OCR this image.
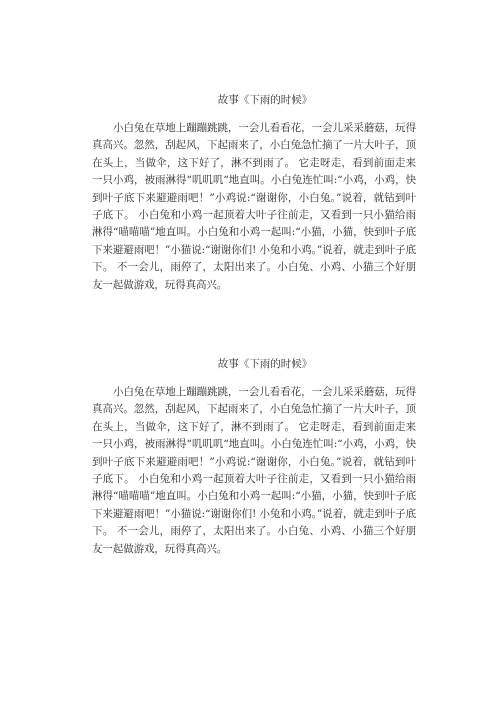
故事《下雨的时候》

小白兔在草地上蹦蹦跳跳，一会儿看看花，一会儿采采蘑菇，玩得真高兴。忽然，刮起风，下起雨来了，小白兔急忙摘了一片大叶子，顶在头上，当做伞，这下好了，淋不到雨了。 它走呀走，看到前面走来一只小鸡，被雨淋得“叽叽叽“地直叫。小白兔连忙叫:“小鸡，小鸡，快到叶子底下来避避雨吧！”小鸡说:“谢谢你，小白兔。”说着，就钻到叶子底下。 小白兔和小鸡一起顶着大叶子往前走，又看到一只小猫给雨淋得“喵喵喵”地直叫。小白兔和小鸡一起叫:“小猫，小猫，快到叶子底下来避避雨吧！”小猫说:“谢谢你们! 小兔和小鸡。”说着，就走到叶子底下。 不一会儿，雨停了，太阳出来了。小白兔、小鸡、小猫三个好朋友一起做游戏，玩得真高兴。

故事《下雨的时候》

小白兔在草地上蹦蹦跳跳，一会儿看看花，一会儿采采蘑菇，玩得真高兴。忽然，刮起风，下起雨来了，小白兔急忙摘了一片大叶子，顶在头上，当做伞，这下好了，淋不到雨了。 它走呀走，看到前面走来一只小鸡，被雨淋得“叽叽叽“地直叫。小白兔连忙叫:“小鸡，小鸡，快到叶子底下来避避雨吧！”小鸡说:“谢谢你，小白兔。”说着，就钻到叶子底下。 小白兔和小鸡一起顶着大叶子往前走，又看到一只小猫给雨淋得“喵喵喵”地直叫。小白兔和小鸡一起叫:“小猫，小猫，快到叶子底下来避避雨吧！”小猫说:“谢谢你们! 小兔和小鸡。”说着，就走到叶子底下。 不一会儿，雨停了，太阳出来了。小白兔、小鸡、小猫三个好朋友一起做游戏，玩得真高兴。
